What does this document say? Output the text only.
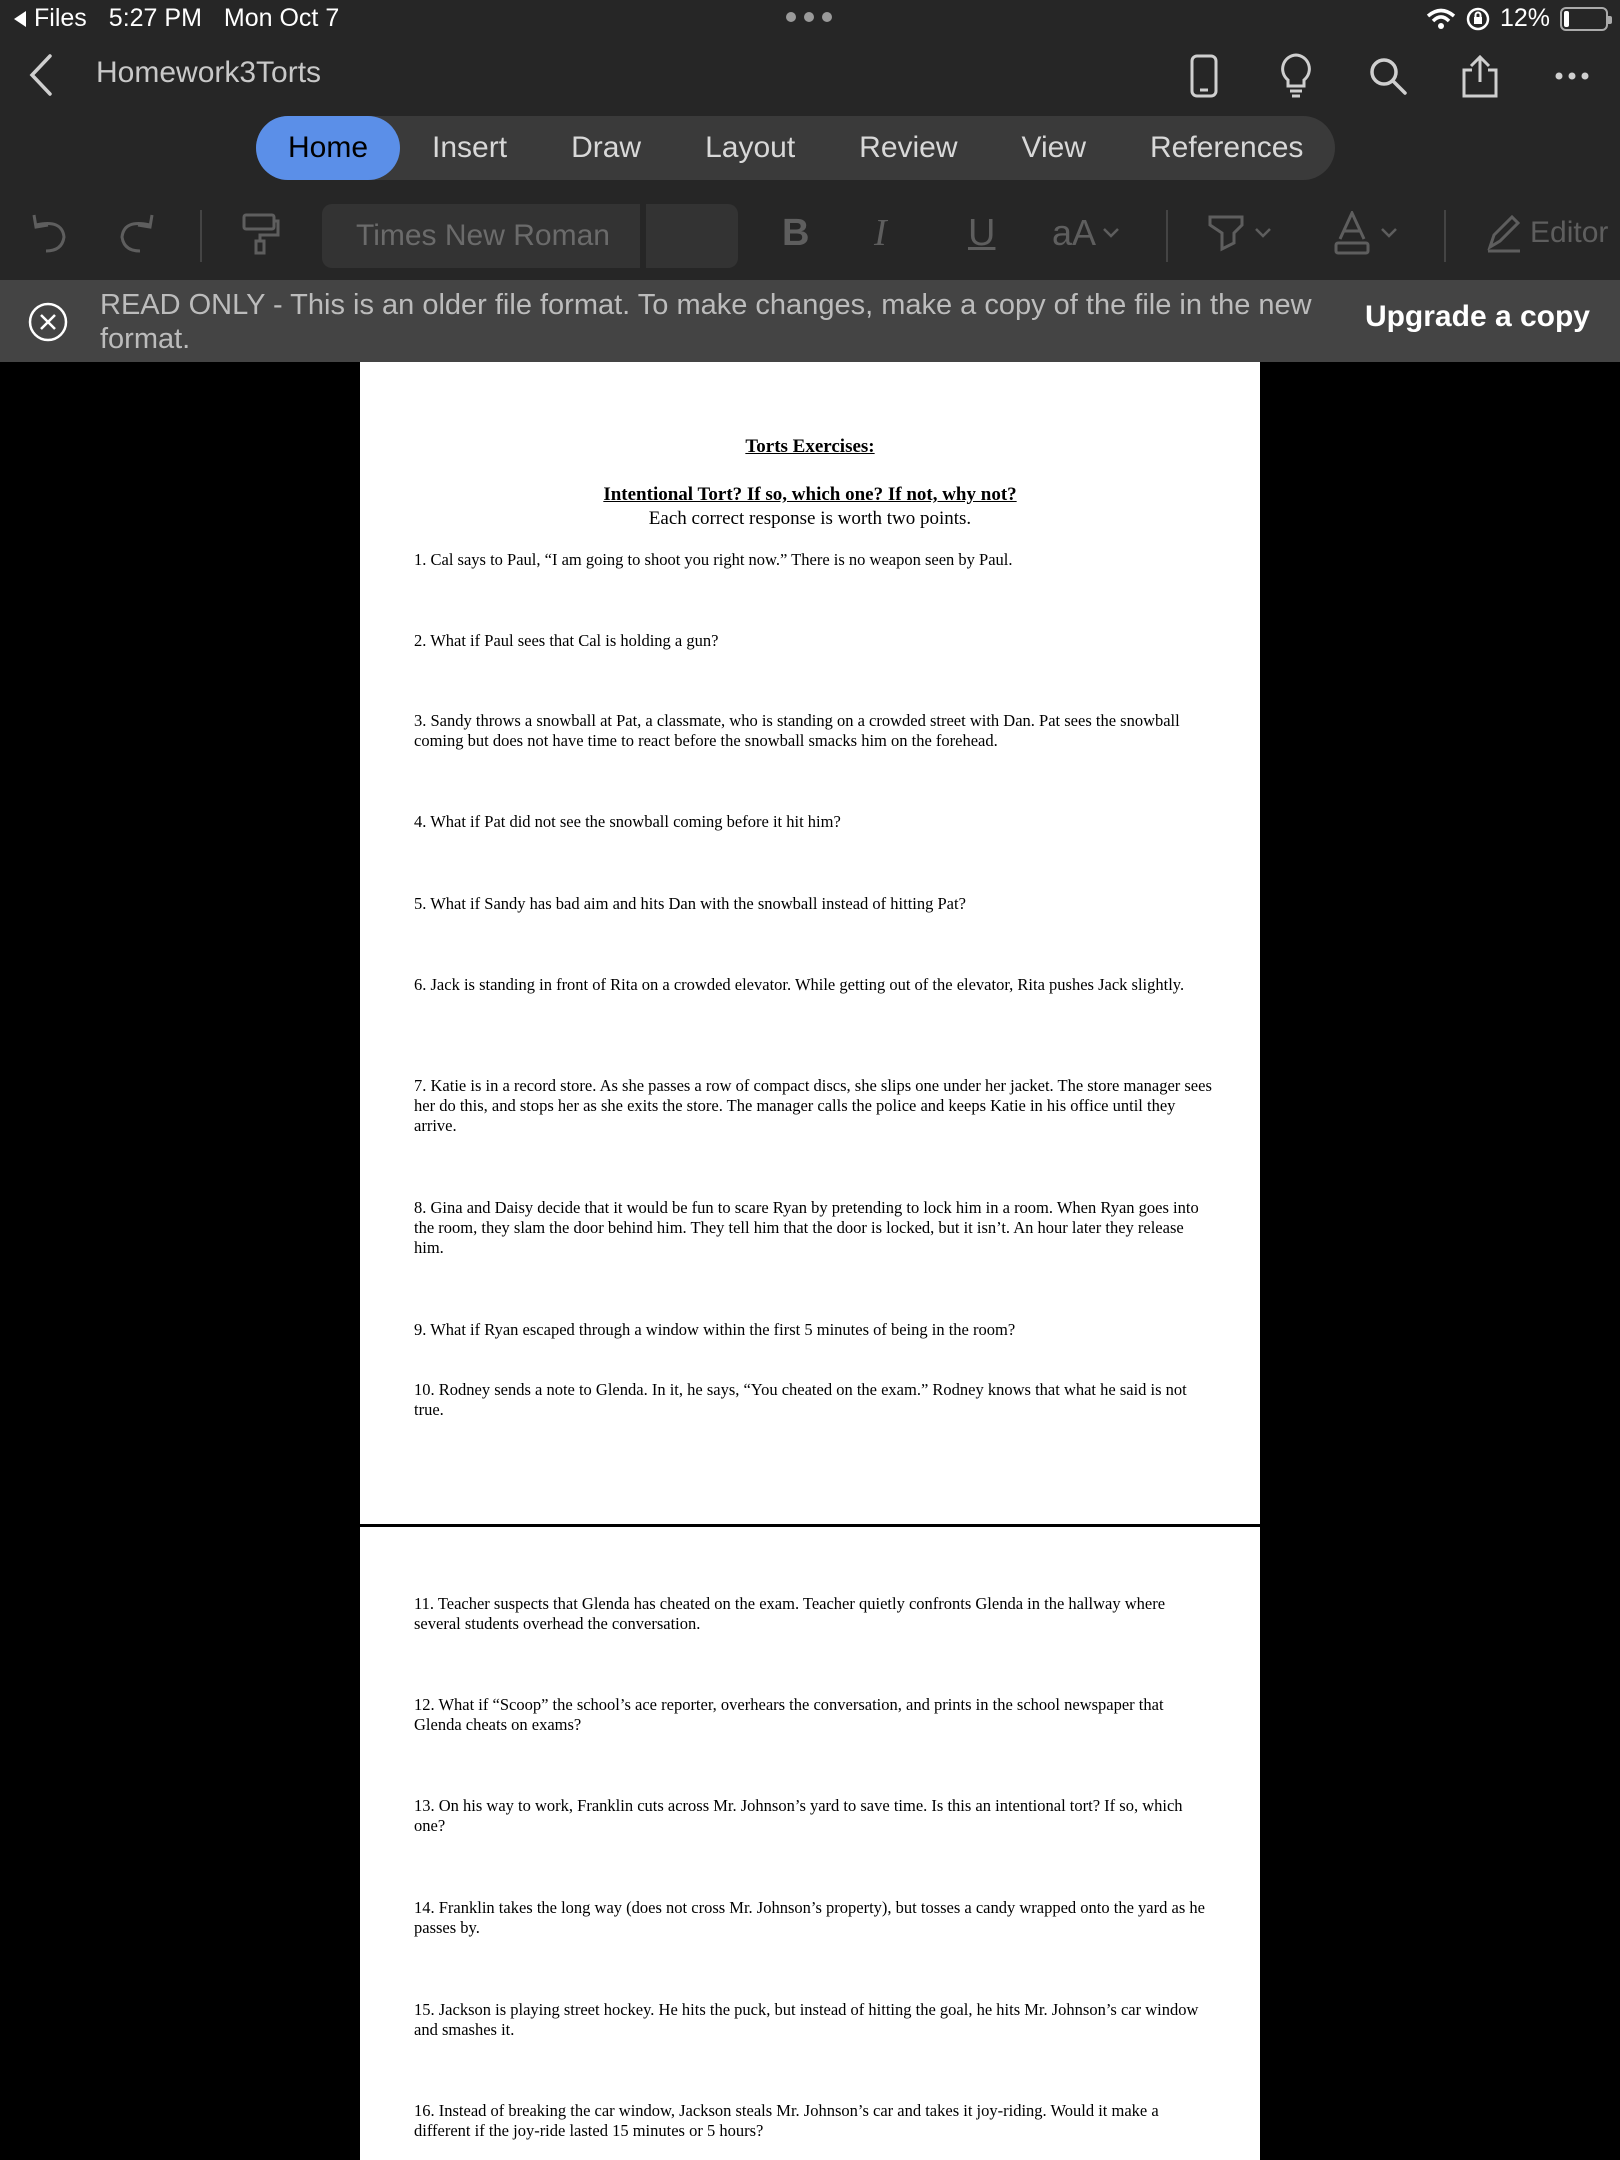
Files 5:27 PM Mon Oct 7	12%
Homework3Torts
Home	Insert	Draw	Layout	Review	View	References
Times New Roman	B I U aA	Editor
READ ONLY - This is an older file format. To make changes, make a copy of the file in the new format.
Upgrade a copy
Torts Exercises:
Intentional Tort? If so, which one? If not, why not?
Each correct response is worth two points.
1. Cal says to Paul, “I am going to shoot you right now.” There is no weapon seen by Paul.
2. What if Paul sees that Cal is holding a gun?
3. Sandy throws a snowball at Pat, a classmate, who is standing on a crowded street with Dan. Pat sees the snowball coming but does not have time to react before the snowball smacks him on the forehead.
4. What if Pat did not see the snowball coming before it hit him?
5. What if Sandy has bad aim and hits Dan with the snowball instead of hitting Pat?
6. Jack is standing in front of Rita on a crowded elevator. While getting out of the elevator, Rita pushes Jack slightly.
7. Katie is in a record store. As she passes a row of compact discs, she slips one under her jacket. The store manager sees her do this, and stops her as she exits the store. The manager calls the police and keeps Katie in his office until they arrive.
8. Gina and Daisy decide that it would be fun to scare Ryan by pretending to lock him in a room. When Ryan goes into the room, they slam the door behind him. They tell him that the door is locked, but it isn’t. An hour later they release him.
9. What if Ryan escaped through a window within the first 5 minutes of being in the room?
10. Rodney sends a note to Glenda. In it, he says, “You cheated on the exam.” Rodney knows that what he said is not true.
11. Teacher suspects that Glenda has cheated on the exam. Teacher quietly confronts Glenda in the hallway where several students overhead the conversation.
12. What if “Scoop” the school’s ace reporter, overhears the conversation, and prints in the school newspaper that Glenda cheats on exams?
13. On his way to work, Franklin cuts across Mr. Johnson’s yard to save time. Is this an intentional tort? If so, which one?
14. Franklin takes the long way (does not cross Mr. Johnson’s property), but tosses a candy wrapped onto the yard as he passes by.
15. Jackson is playing street hockey. He hits the puck, but instead of hitting the goal, he hits Mr. Johnson’s car window and smashes it.
16. Instead of breaking the car window, Jackson steals Mr. Johnson’s car and takes it joy-riding. Would it make a different if the joy-ride lasted 15 minutes or 5 hours?
